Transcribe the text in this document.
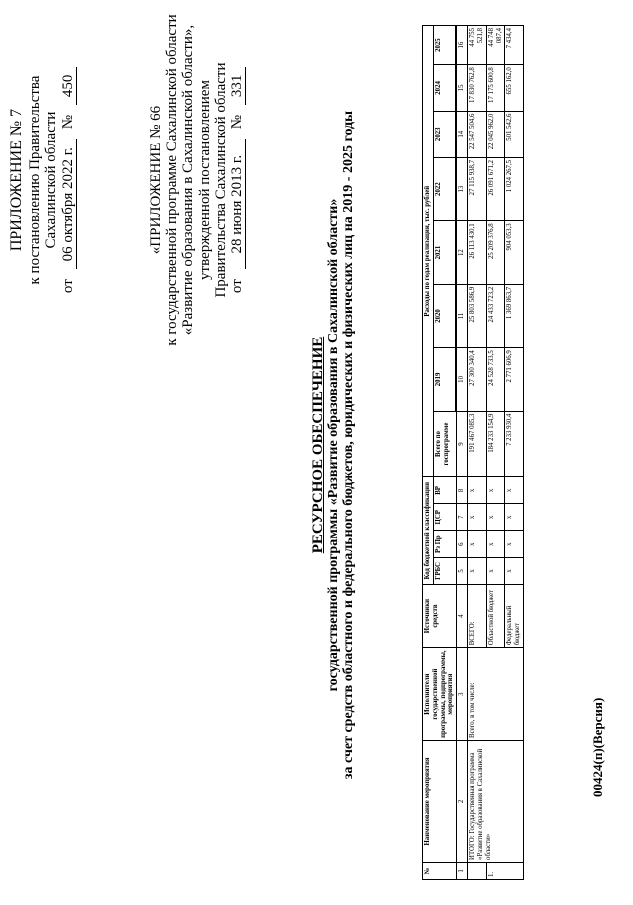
ПРИЛОЖЕНИЕ № 7 к постановлению Правительства Сахалинской области
от
06 октября 2022 г.
№
450
«ПРИЛОЖЕНИЕ № 66 к государственной программе Сахалинской области «Развитие образования в Сахалинской области», утвержденной постановлением Правительства Сахалинской области от
28 июня 2013 г.
№
331
РЕСУРСНОЕ ОБЕСПЕЧЕНИЕ государственной программы «Развитие образования в Сахалинской области» за счет средств областного и федерального бюджетов, юридических и физических лиц на 2019 - 2025 годы
№	Наименование мероприятия	Исполнители государственной программы, подпрограммы, мероприятия	Источники средств	Код бюджетной классификации				Расходы по годам реализации, тыс. рублей							
				ГРБС	Рз Пр	ЦСР	ВР	Всего по госпрограмме	2019	2020	2021	2022	2023	2024	2025

1	2	3	4	5	6	7	8	9	10	11	12	13	14	15	16
	ИТОГО: Государственная программа «Развитие образования в Сахалинской области»	Всего, в том числе:	ВСЕГО:	х	х	х	х	191 467 085,3	27 300 340,4	25 803 586,9	26 113 430,1	27 115 938,7	22 547 504,6	17 830 762,8	44 755 521,8
1.			Областной бюджет	х	х	х	х	184 233 154,9	24 528 733,5	24 433 723,2	25 209 376,8	26 091 671,2	22 045 962,0	17 175 600,8	44 748 087,4
			Федеральный бюджет	х	х	х	х	7 233 930,4	2 771 606,9	1 369 863,7	904 053,3	1 024 267,5	501 542,6	655 162,0	7 434,4
00424(п)(Версия)
